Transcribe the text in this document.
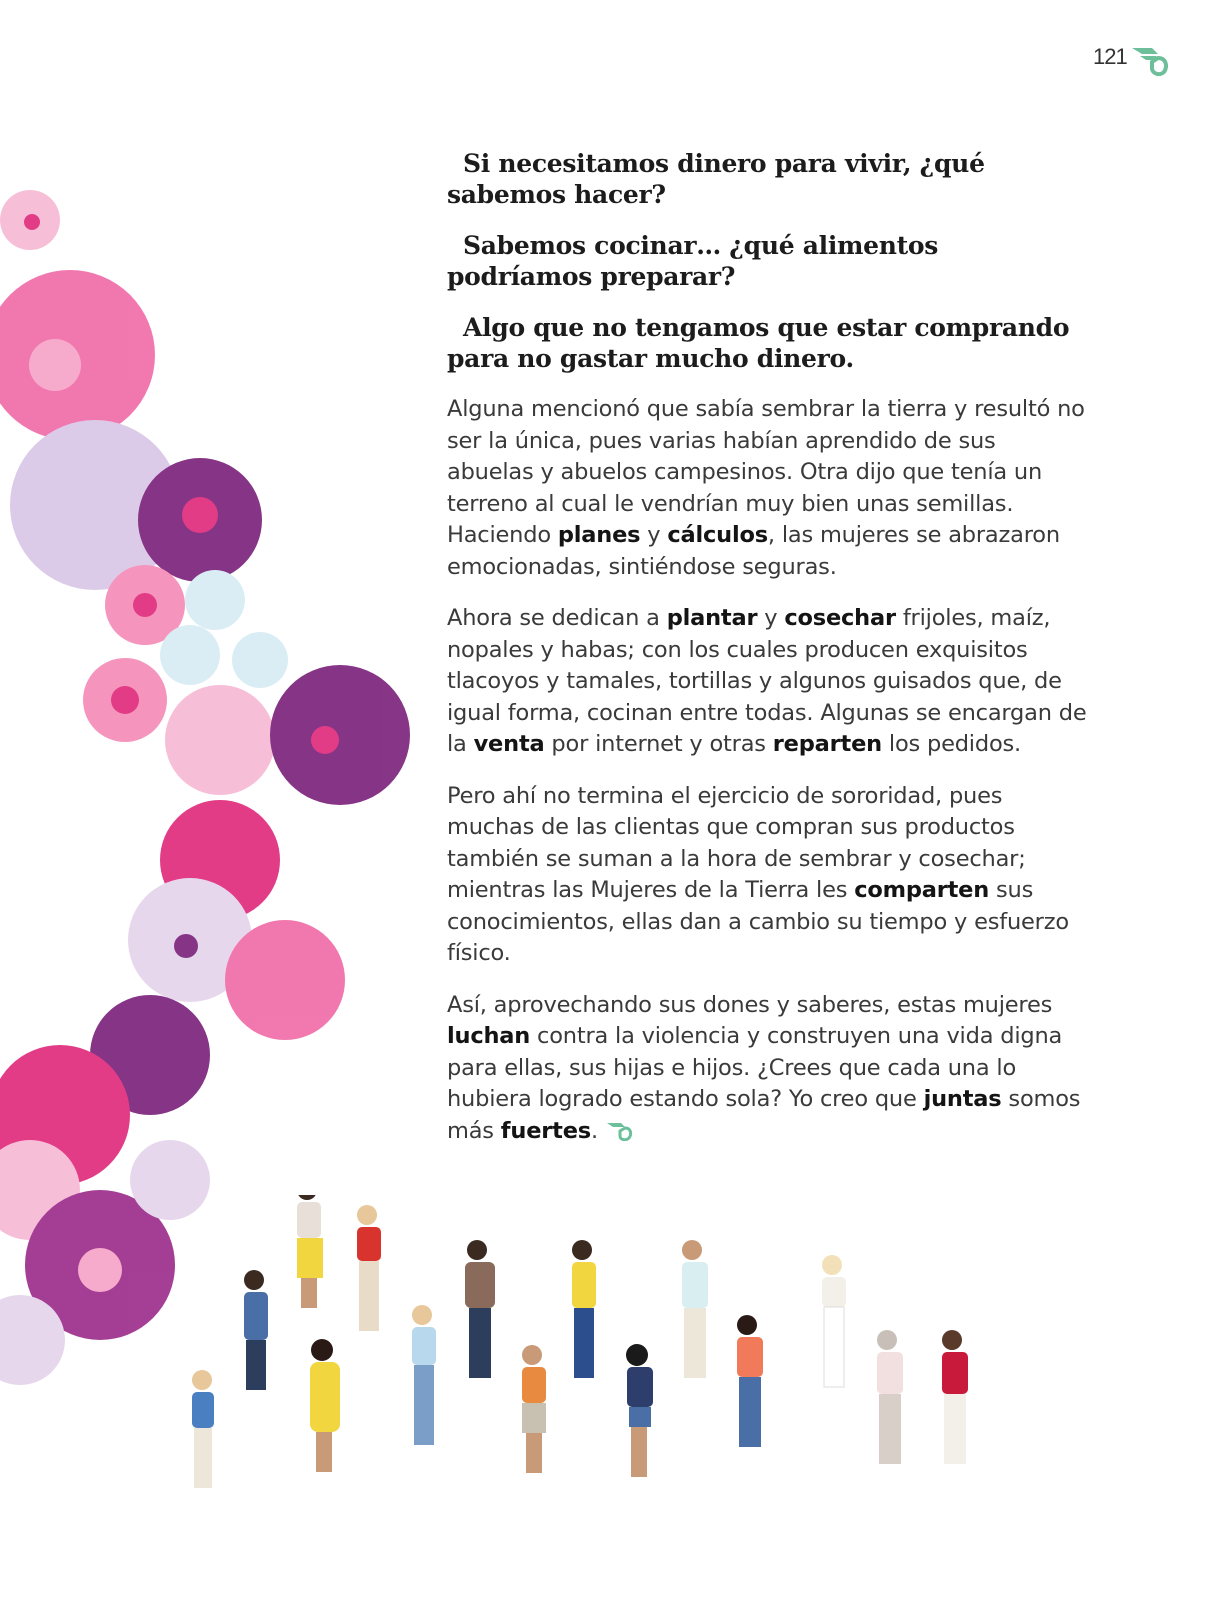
121

Si necesitamos dinero para vivir, ¿qué sabemos hacer?

Sabemos cocinar… ¿qué alimentos podríamos preparar?

Algo que no tengamos que estar comprando para no gastar mucho dinero.

Alguna mencionó que sabía sembrar la tierra y resultó no ser la única, pues varias habían aprendido de sus abuelas y abuelos campesinos. Otra dijo que tenía un terreno al cual le vendrían muy bien unas semillas. Haciendo planes y cálculos, las mujeres se abrazaron emocionadas, sintiéndose seguras.

Ahora se dedican a plantar y cosechar frijoles, maíz, nopales y habas; con los cuales producen exquisitos tlacoyos y tamales, tortillas y algunos guisados que, de igual forma, cocinan entre todas. Algunas se encargan de la venta por internet y otras reparten los pedidos.

Pero ahí no termina el ejercicio de sororidad, pues muchas de las clientas que compran sus productos también se suman a la hora de sembrar y cosechar; mientras las Mujeres de la Tierra les comparten sus conocimientos, ellas dan a cambio su tiempo y esfuerzo físico.

Así, aprovechando sus dones y saberes, estas mujeres luchan contra la violencia y construyen una vida digna para ellas, sus hijas e hijos. ¿Crees que cada una lo hubiera logrado estando sola? Yo creo que juntas somos más fuertes.
